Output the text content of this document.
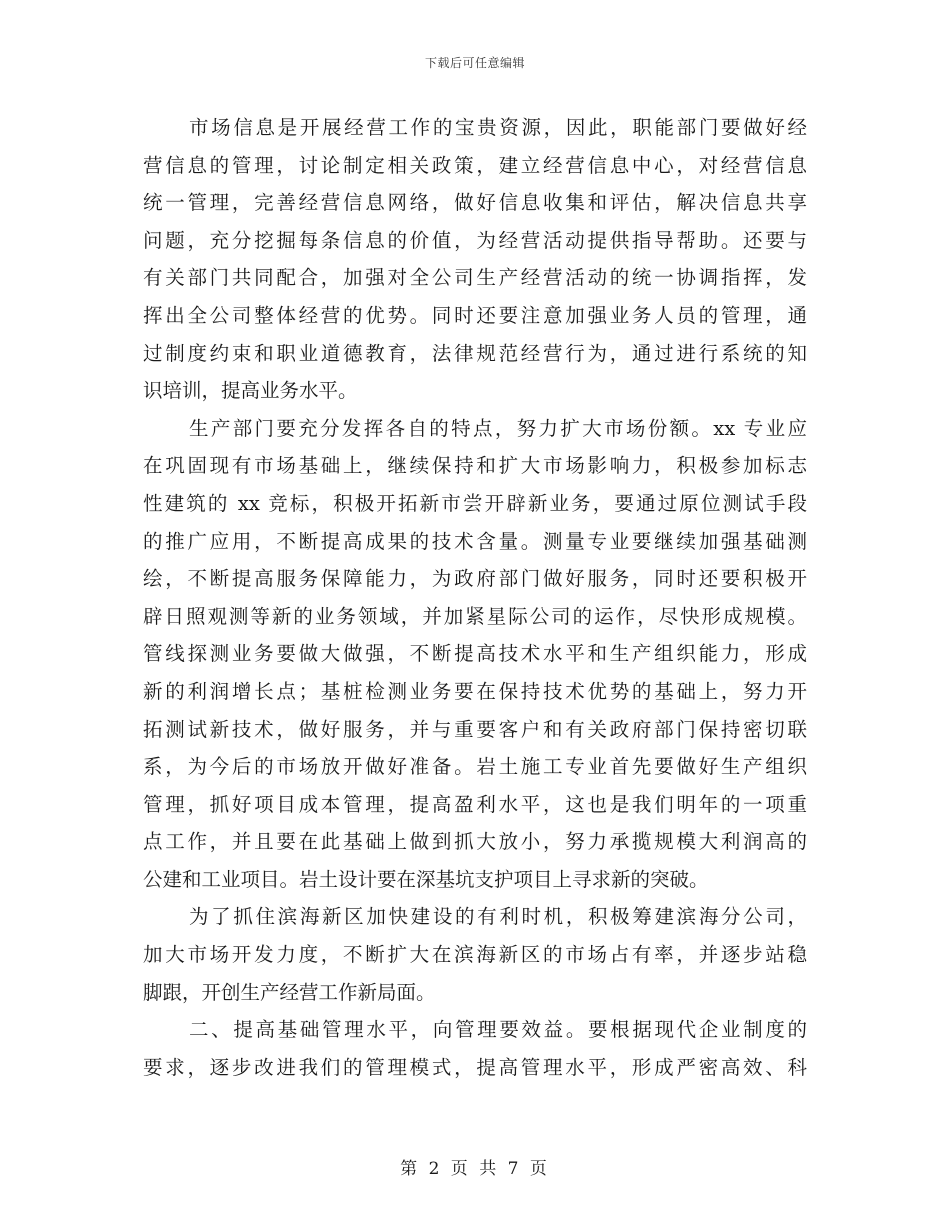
下载后可任意编辑
市场信息是开展经营工作的宝贵资源，因此，职能部门要做好经
营信息的管理，讨论制定相关政策，建立经营信息中心，对经营信息
统一管理，完善经营信息网络，做好信息收集和评估，解决信息共享
问题，充分挖掘每条信息的价值，为经营活动提供指导帮助。还要与
有关部门共同配合，加强对全公司生产经营活动的统一协调指挥，发
挥出全公司整体经营的优势。同时还要注意加强业务人员的管理，通
过制度约束和职业道德教育，法律规范经营行为，通过进行系统的知
识培训，提高业务水平。
生产部门要充分发挥各自的特点，努力扩大市场份额。xx 专业应
在巩固现有市场基础上，继续保持和扩大市场影响力，积极参加标志
性建筑的 xx 竞标，积极开拓新市尝开辟新业务，要通过原位测试手段
的推广应用，不断提高成果的技术含量。测量专业要继续加强基础测
绘，不断提高服务保障能力，为政府部门做好服务，同时还要积极开
辟日照观测等新的业务领域，并加紧星际公司的运作，尽快形成规模。
管线探测业务要做大做强，不断提高技术水平和生产组织能力，形成
新的利润增长点；基桩检测业务要在保持技术优势的基础上，努力开
拓测试新技术，做好服务，并与重要客户和有关政府部门保持密切联
系，为今后的市场放开做好准备。岩土施工专业首先要做好生产组织
管理，抓好项目成本管理，提高盈利水平，这也是我们明年的一项重
点工作，并且要在此基础上做到抓大放小，努力承揽规模大利润高的
公建和工业项目。岩土设计要在深基坑支护项目上寻求新的突破。
为了抓住滨海新区加快建设的有利时机，积极筹建滨海分公司，
加大市场开发力度，不断扩大在滨海新区的市场占有率，并逐步站稳
脚跟，开创生产经营工作新局面。
二、提高基础管理水平，向管理要效益。要根据现代企业制度的
要求，逐步改进我们的管理模式，提高管理水平，形成严密高效、科
第 2 页 共 7 页
